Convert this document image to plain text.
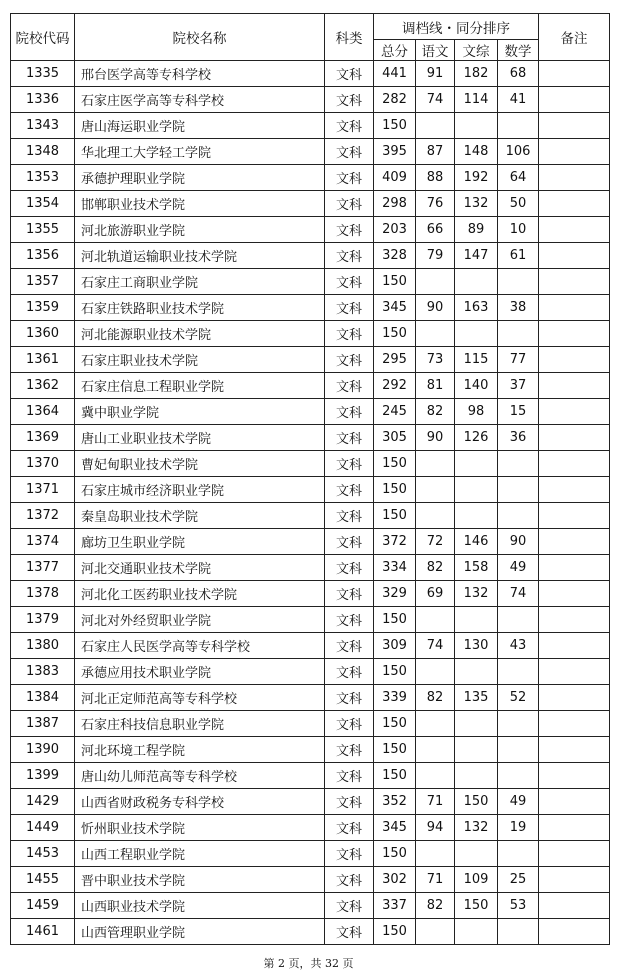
院校代码	院校名称	科类	调档线・同分排序				备注
			总分	语文	文综	数学	
1335	邢台医学高等专科学校	文科	441	91	182	68	
1336	石家庄医学高等专科学校	文科	282	74	114	41	
1343	唐山海运职业学院	文科	150				
1348	华北理工大学轻工学院	文科	395	87	148	106	
1353	承德护理职业学院	文科	409	88	192	64	
1354	邯郸职业技术学院	文科	298	76	132	50	
1355	河北旅游职业学院	文科	203	66	89	10	
1356	河北轨道运输职业技术学院	文科	328	79	147	61	
1357	石家庄工商职业学院	文科	150				
1359	石家庄铁路职业技术学院	文科	345	90	163	38	
1360	河北能源职业技术学院	文科	150				
1361	石家庄职业技术学院	文科	295	73	115	77	
1362	石家庄信息工程职业学院	文科	292	81	140	37	
1364	冀中职业学院	文科	245	82	98	15	
1369	唐山工业职业技术学院	文科	305	90	126	36	
1370	曹妃甸职业技术学院	文科	150				
1371	石家庄城市经济职业学院	文科	150				
1372	秦皇岛职业技术学院	文科	150				
1374	廊坊卫生职业学院	文科	372	72	146	90	
1377	河北交通职业技术学院	文科	334	82	158	49	
1378	河北化工医药职业技术学院	文科	329	69	132	74	
1379	河北对外经贸职业学院	文科	150				
1380	石家庄人民医学高等专科学校	文科	309	74	130	43	
1383	承德应用技术职业学院	文科	150				
1384	河北正定师范高等专科学校	文科	339	82	135	52	
1387	石家庄科技信息职业学院	文科	150				
1390	河北环境工程学院	文科	150				
1399	唐山幼儿师范高等专科学校	文科	150				
1429	山西省财政税务专科学校	文科	352	71	150	49	
1449	忻州职业技术学院	文科	345	94	132	19	
1453	山西工程职业学院	文科	150				
1455	晋中职业技术学院	文科	302	71	109	25	
1459	山西职业技术学院	文科	337	82	150	53	
1461	山西管理职业学院	文科	150				
第 2 页，共 32 页
